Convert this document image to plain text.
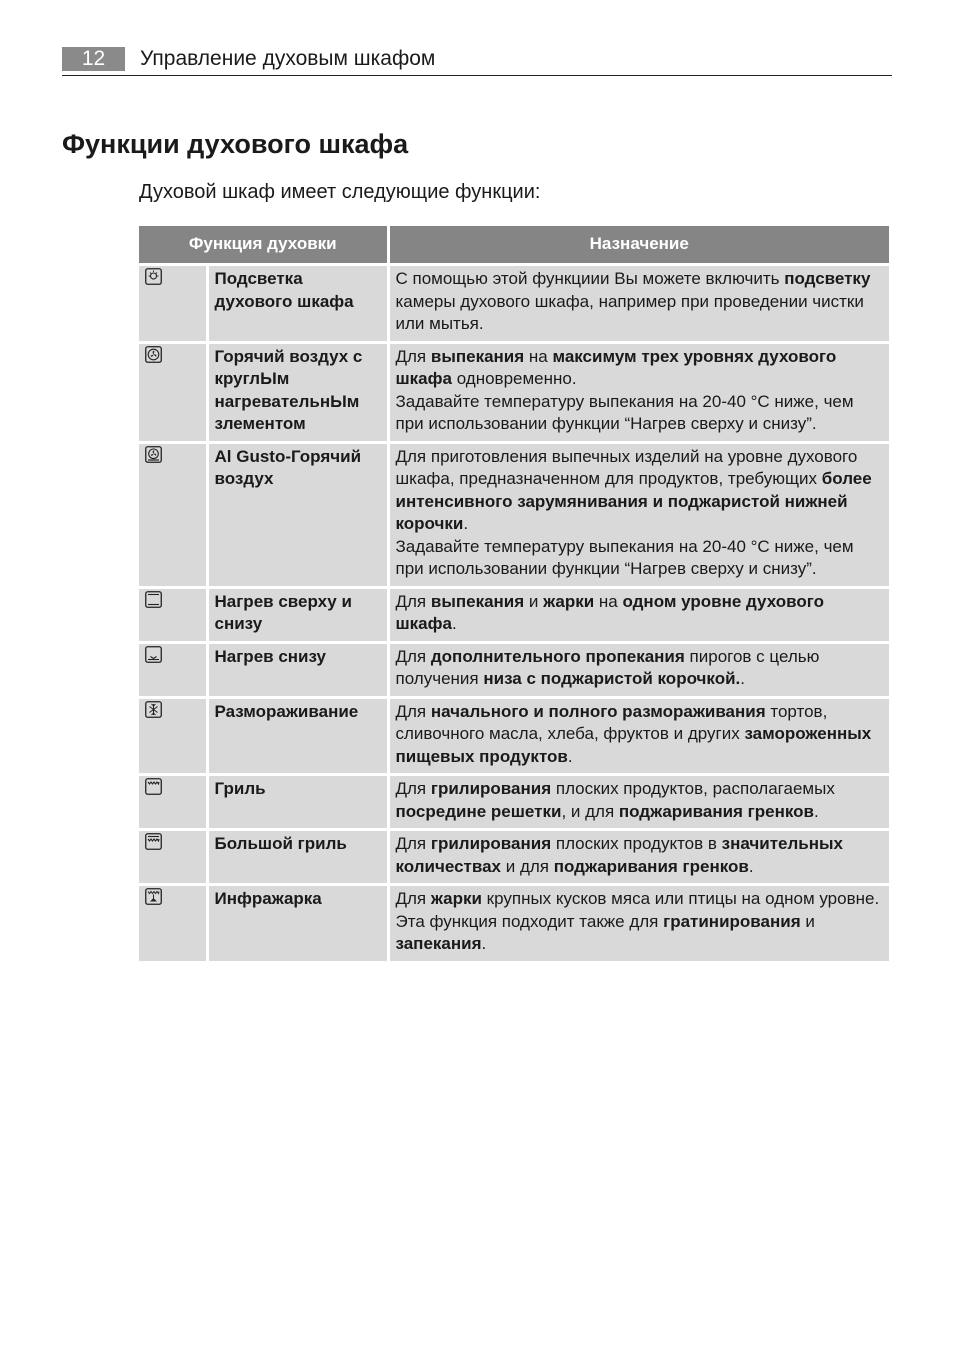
12	Управление духовым шкафом
Функции духового шкафа
Духовой шкаф имеет следующие функции:
Функция духовки		Назначение

	Подсветка духового шкафа	С помощью этой функциии Вы можете включить подсветку камеры духового шкафа, например при проведении чистки или мытья.

	Горячий воздух с круглЫм нагревательнЫм злементом	Для выпекания на максимум трех уровнях духового шкафа одновременно.
Задавайте температуру выпекания на 20-40 °С ниже, чем при использовании функции “Нагрев сверху и снизу”.

	Al Gusto-Горячий воздух	Для приготовления выпечных изделий на уровне духового шкафа, предназначенном для продуктов, требующих более интенсивного зарумянивания и поджаристой нижней корочки.
Задавайте температуру выпекания на 20-40 °С ниже, чем при использовании функции “Нагрев сверху и снизу”.

	Нагрев сверху и снизу	Для выпекания и жарки на одном уровне духового шкафа.

	Нагрев снизу	Для дополнительного пропекания пирогов с целью получения низа с поджаристой корочкой..

	Размораживание	Для начального и полного размораживания тортов, сливочного масла, хлеба, фруктов и других замороженных пищевых продуктов.

	Гриль	Для грилирования плоских продуктов, располагаемых посредине решетки, и для поджаривания гренков.

	Большой гриль	Для грилирования плоских продуктов в значительных количествах и для поджаривания гренков.

	Инфражарка	Для жарки крупных кусков мяса или птицы на одном уровне.
Эта функция подходит также для гратинирования и запекания.
